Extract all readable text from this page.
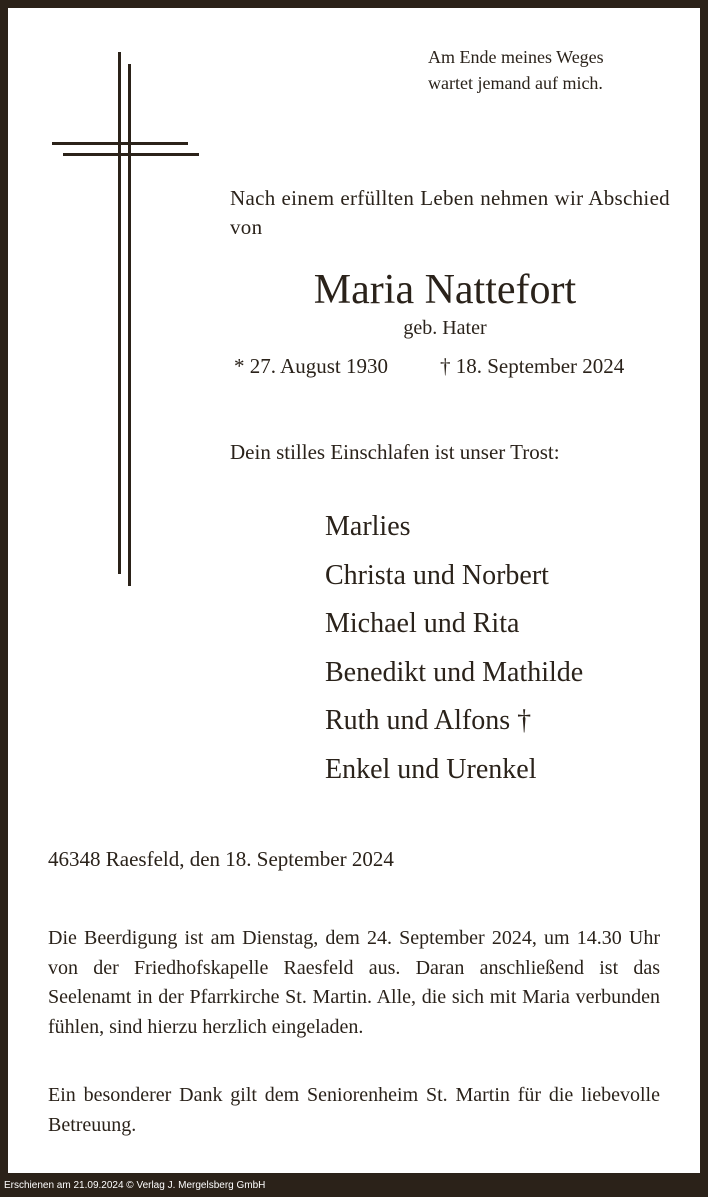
Am Ende meines Weges
wartet jemand auf mich.
Nach einem erfüllten Leben nehmen wir Abschied von
Maria Nattefort
geb. Hater
* 27. August 1930 † 18. September 2024
Dein stilles Einschlafen ist unser Trost:
Marlies
Christa und Norbert
Michael und Rita
Benedikt und Mathilde
Ruth und Alfons †
Enkel und Urenkel
46348 Raesfeld, den 18. September 2024
Die Beerdigung ist am Dienstag, dem 24. September 2024, um 14.30 Uhr von der Friedhofskapelle Raesfeld aus. Daran anschließend ist das Seelenamt in der Pfarrkirche St. Martin. Alle, die sich mit Maria verbunden fühlen, sind hierzu herzlich eingeladen.
Ein besonderer Dank gilt dem Seniorenheim St. Martin für die liebevolle Betreuung.
Erschienen am 21.09.2024 © Verlag J. Mergelsberg GmbH
